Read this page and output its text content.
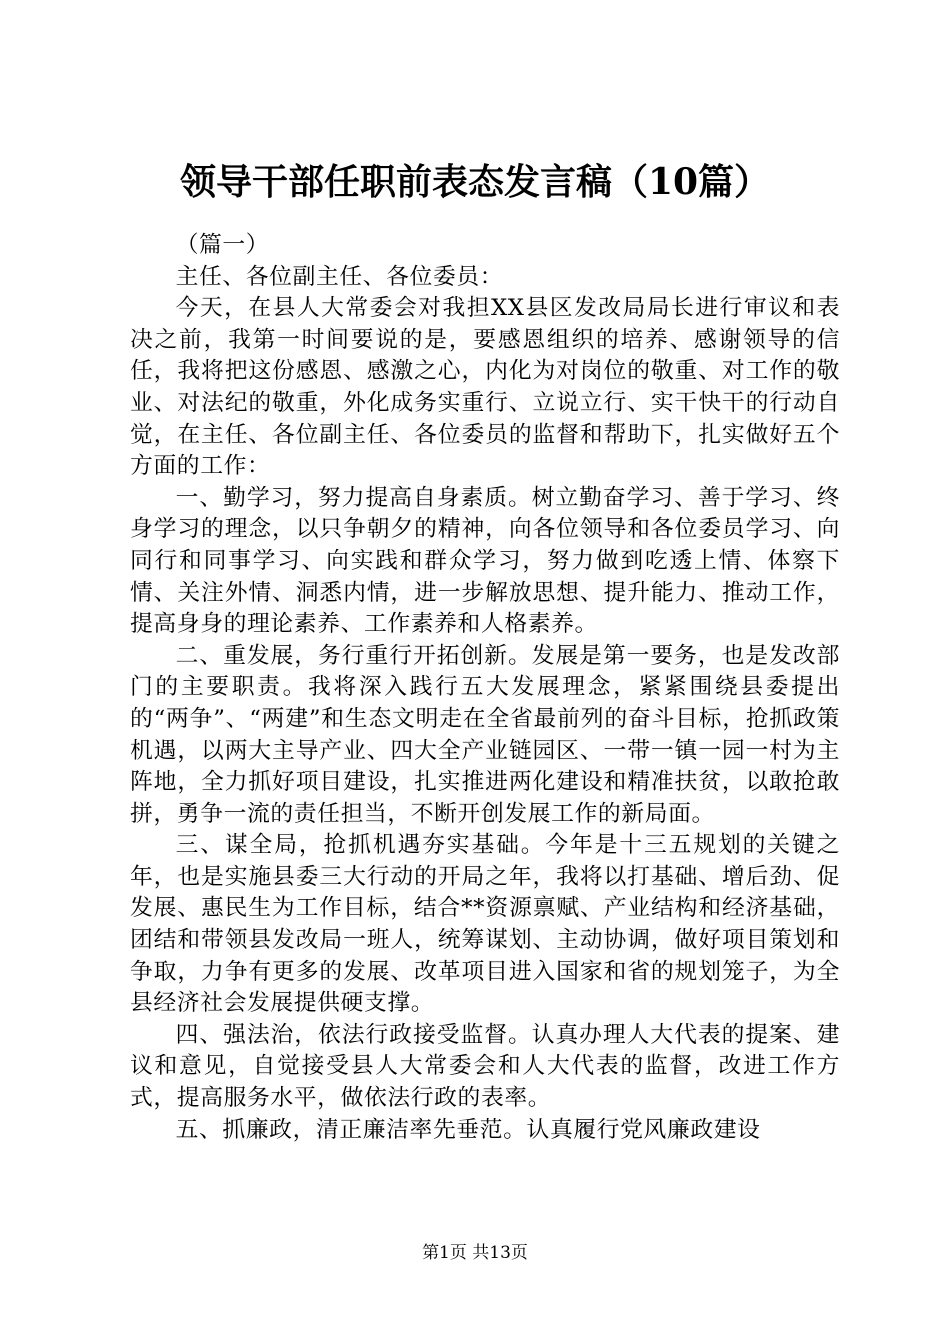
领导干部任职前表态发言稿（10篇）

（篇一）

主任、各位副主任、各位委员：

今天，在县人大常委会对我担XX县区发改局局长进行审议和表决之前，我第一时间要说的是，要感恩组织的培养、感谢领导的信任，我将把这份感恩、感激之心，内化为对岗位的敬重、对工作的敬业、对法纪的敬重，外化成务实重行、立说立行、实干快干的行动自觉，在主任、各位副主任、各位委员的监督和帮助下，扎实做好五个方面的工作：

一、勤学习，努力提高自身素质。树立勤奋学习、善于学习、终身学习的理念，以只争朝夕的精神，向各位领导和各位委员学习、向同行和同事学习、向实践和群众学习，努力做到吃透上情、体察下情、关注外情、洞悉内情，进一步解放思想、提升能力、推动工作，提高身身的理论素养、工作素养和人格素养。

二、重发展，务行重行开拓创新。发展是第一要务，也是发改部门的主要职责。我将深入践行五大发展理念，紧紧围绕县委提出的“两争”、“两建”和生态文明走在全省最前列的奋斗目标，抢抓政策机遇，以两大主导产业、四大全产业链园区、一带一镇一园一村为主阵地，全力抓好项目建设，扎实推进两化建设和精准扶贫，以敢抢敢拼，勇争一流的责任担当，不断开创发展工作的新局面。

三、谋全局，抢抓机遇夯实基础。今年是十三五规划的关键之年，也是实施县委三大行动的开局之年，我将以打基础、增后劲、促发展、惠民生为工作目标，结合**资源禀赋、产业结构和经济基础，团结和带领县发改局一班人，统筹谋划、主动协调，做好项目策划和争取，力争有更多的发展、改革项目进入国家和省的规划笼子，为全县经济社会发展提供硬支撑。

四、强法治，依法行政接受监督。认真办理人大代表的提案、建议和意见，自觉接受县人大常委会和人大代表的监督，改进工作方式，提高服务水平，做依法行政的表率。

五、抓廉政，清正廉洁率先垂范。认真履行党风廉政建设

第1页 共13页
